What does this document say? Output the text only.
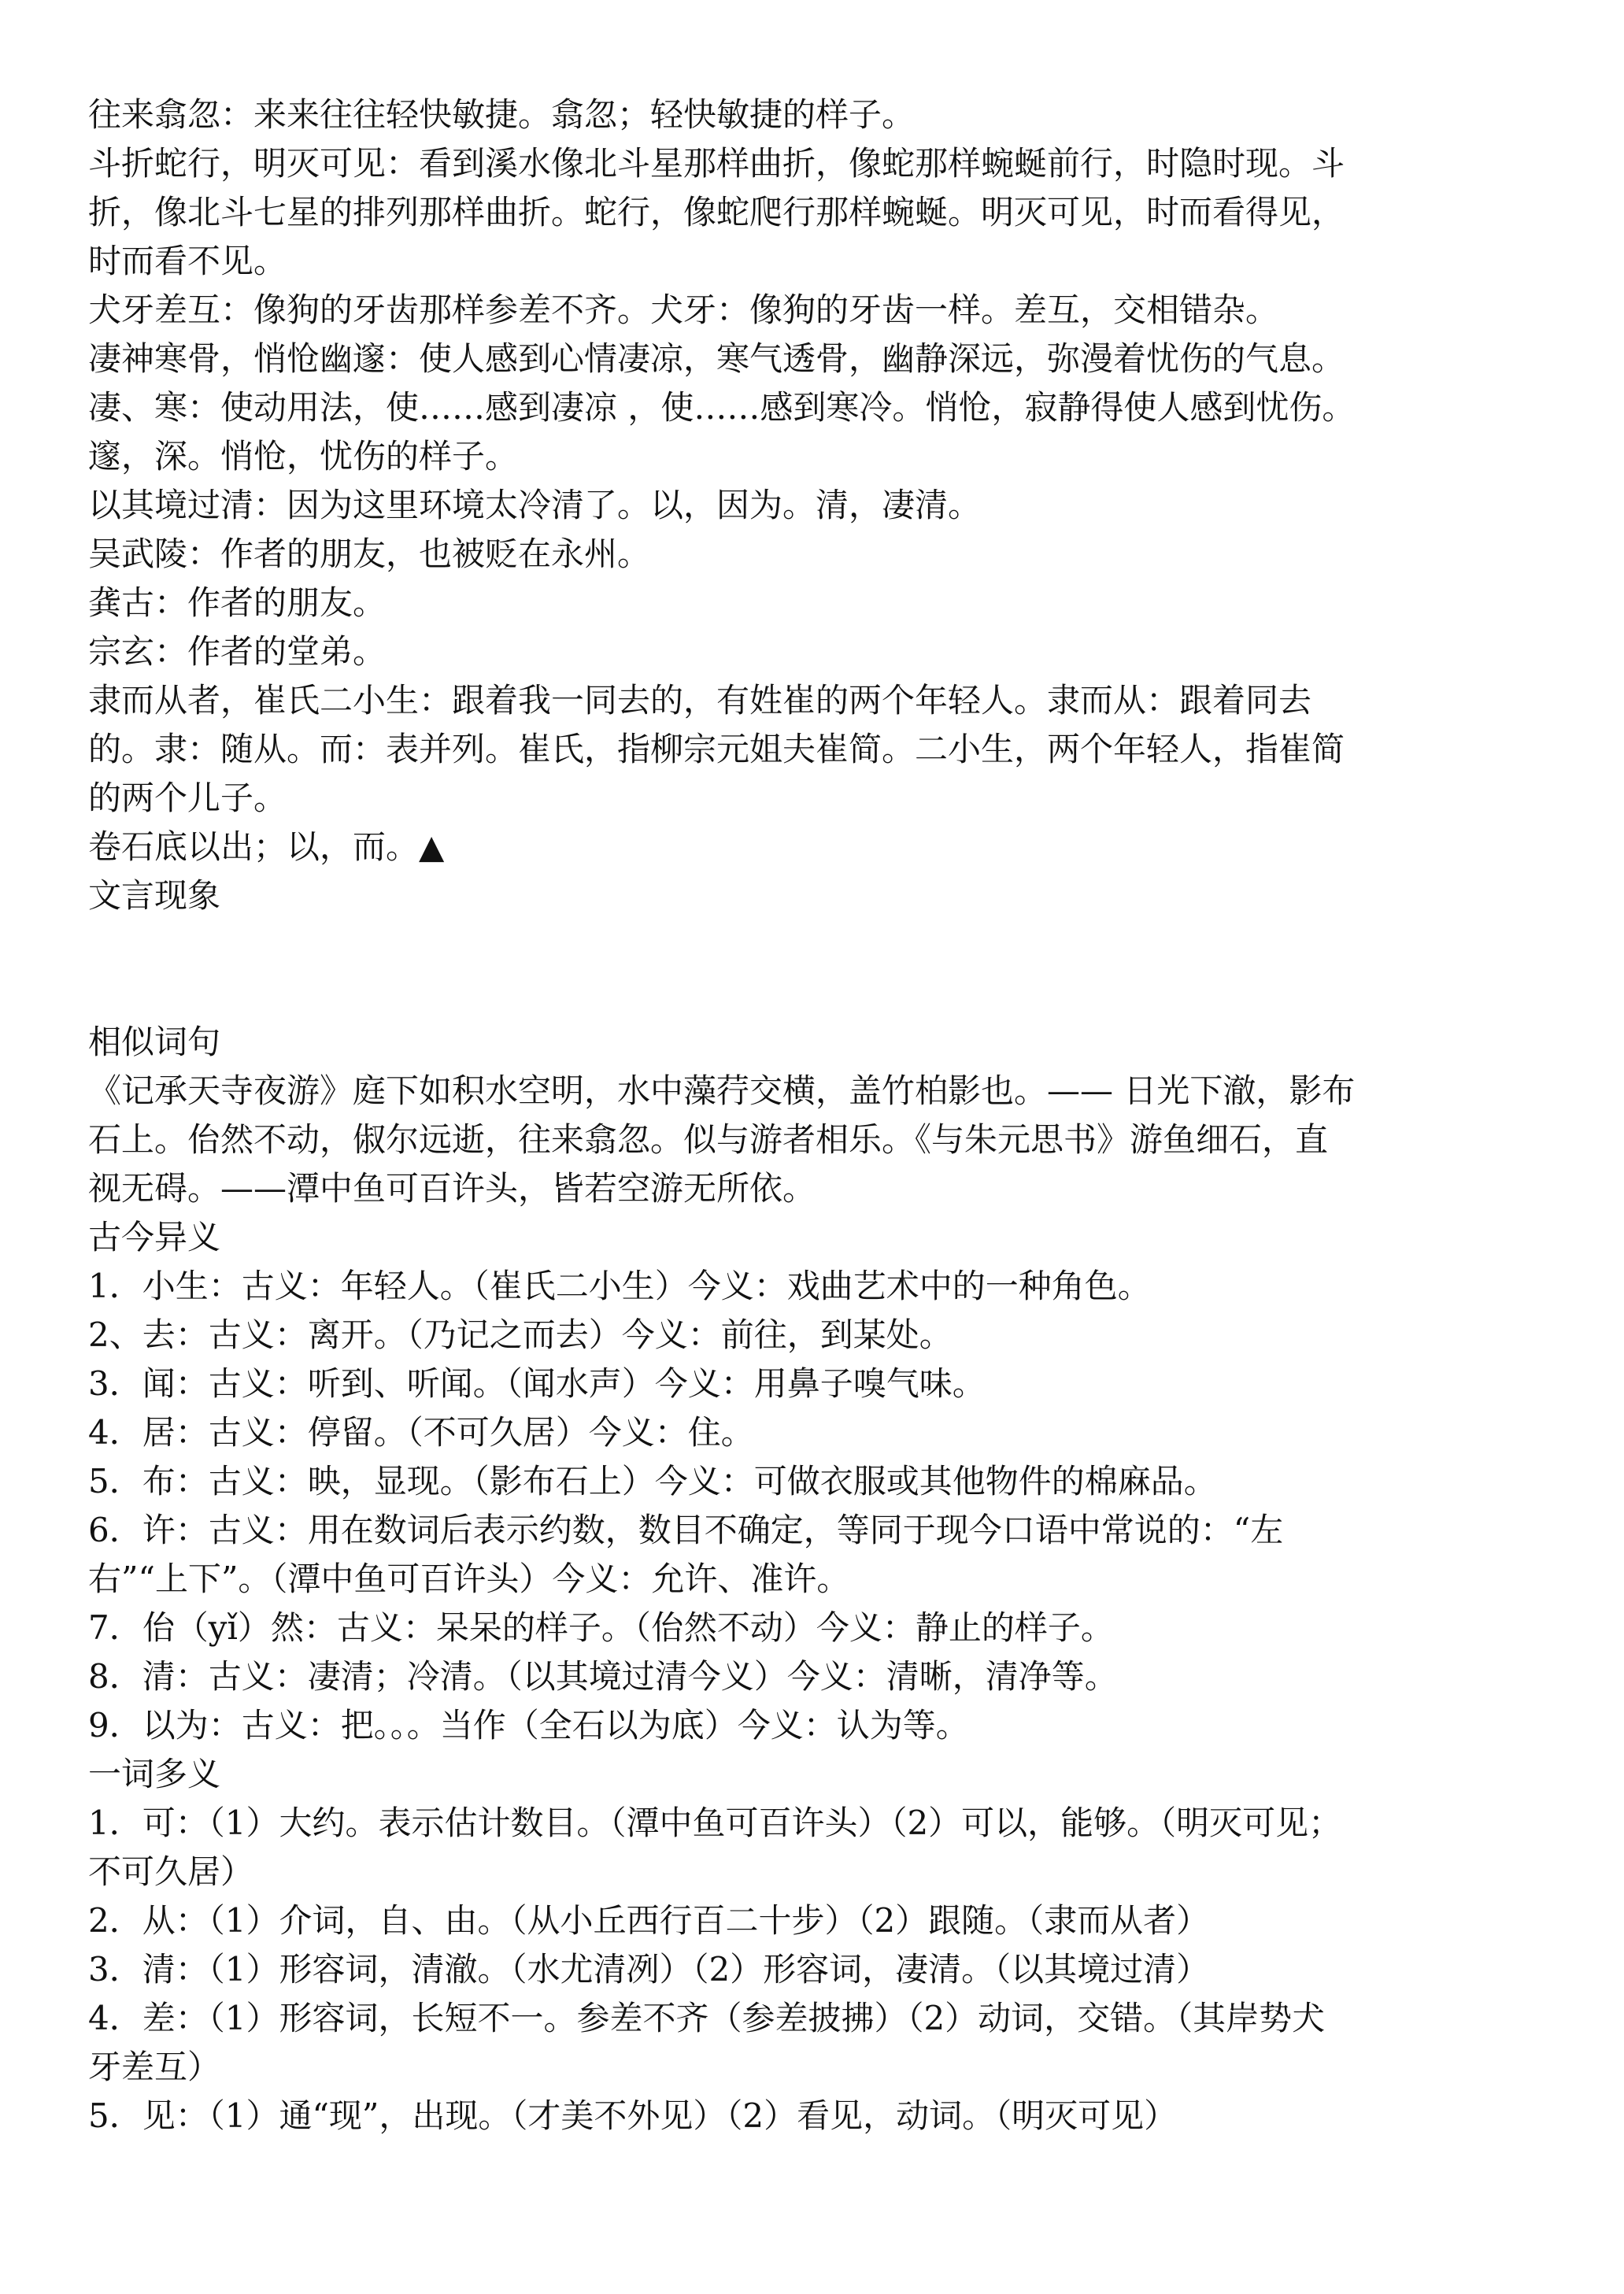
往来翕忽：来来往往轻快敏捷。翕忽；轻快敏捷的样子。
斗折蛇行，明灭可见：看到溪水像北斗星那样曲折，像蛇那样蜿蜒前行，时隐时现。斗
折，像北斗七星的排列那样曲折。蛇行，像蛇爬行那样蜿蜒。明灭可见，时而看得见，
时而看不见。
犬牙差互：像狗的牙齿那样参差不齐。犬牙：像狗的牙齿一样。差互，交相错杂。
凄神寒骨，悄怆幽邃：使人感到心情凄凉，寒气透骨，幽静深远，弥漫着忧伤的气息。
凄、寒：使动用法，使……感到凄凉 ，使……感到寒冷。悄怆，寂静得使人感到忧伤。
邃，深。悄怆，忧伤的样子。
以其境过清：因为这里环境太冷清了。以，因为。清，凄清。
吴武陵：作者的朋友，也被贬在永州。
龚古：作者的朋友。
宗玄：作者的堂弟。
隶而从者，崔氏二小生：跟着我一同去的，有姓崔的两个年轻人。隶而从：跟着同去
的。隶：随从。而：表并列。崔氏，指柳宗元姐夫崔简。二小生，两个年轻人，指崔简
的两个儿子。
卷石底以出；以，而。▲
文言现象
相似词句
《记承天寺夜游》庭下如积水空明，水中藻荇交横，盖竹柏影也。—— 日光下澈，影布
石上。佁然不动，俶尔远逝，往来翕忽。似与游者相乐。《与朱元思书》游鱼细石，直
视无碍。——潭中鱼可百许头，皆若空游无所依。
古今异义
1．小生：古义：年轻人。（崔氏二小生）今义：戏曲艺术中的一种角色。
2、去：古义：离开。（乃记之而去）今义：前往，到某处。
3．闻：古义：听到、听闻。（闻水声）今义：用鼻子嗅气味。
4．居：古义：停留。（不可久居）今义：住。
5．布：古义：映，显现。（影布石上）今义：可做衣服或其他物件的棉麻品。
6．许：古义：用在数词后表示约数，数目不确定，等同于现今口语中常说的：“左
右”“上下”。（潭中鱼可百许头）今义：允许、准许。
7．佁（yǐ）然：古义：呆呆的样子。（佁然不动）今义：静止的样子。
8．清：古义：凄清；冷清。（以其境过清今义）今义：清晰，清净等。
9．以为：古义：把。。。当作（全石以为底）今义：认为等。
一词多义
1．可：（1）大约。表示估计数目。（潭中鱼可百许头）（2）可以，能够。（明灭可见；
不可久居）
2．从：（1）介词，自、由。（从小丘西行百二十步）（2）跟随。（隶而从者）
3．清：（1）形容词，清澈。（水尤清冽）（2）形容词，凄清。（以其境过清）
4．差：（1）形容词，长短不一。参差不齐（参差披拂）（2）动词，交错。（其岸势犬
牙差互）
5．见：（1）通“现”，出现。（才美不外见）（2）看见，动词。（明灭可见）
